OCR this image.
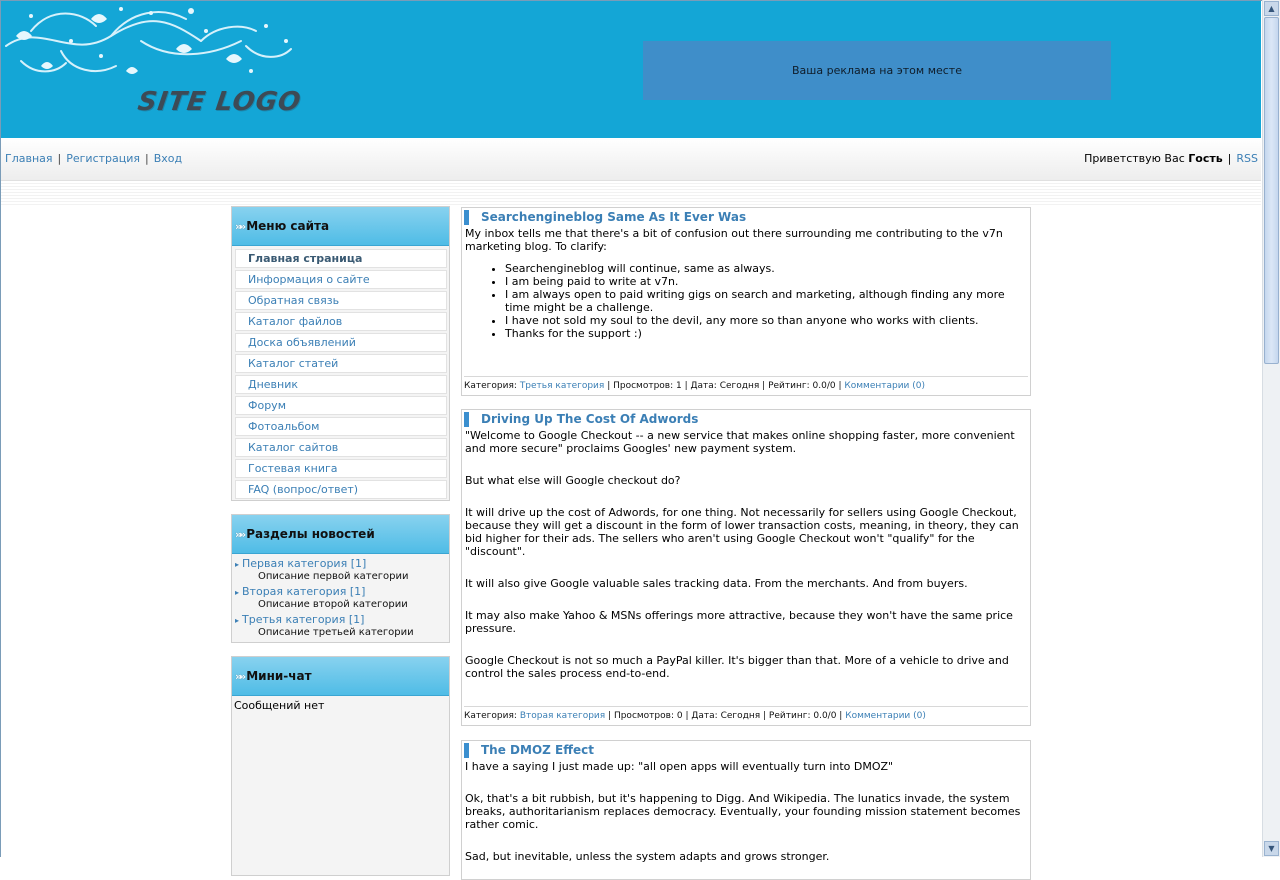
SITE LOGO
Ваша реклама на этом месте
Главная | Регистрация | Вход	Приветствую Вас Гость | RSS
»» Меню сайта
Главная страница
Информация о сайте
Обратная связь
Каталог файлов
Доска объявлений
Каталог статей
Дневник
Форум
Фотоальбом
Каталог сайтов
Гостевая книга
FAQ (вопрос/ответ)
»» Разделы новостей
▸ Первая категория [1]
Описание первой категории
▸ Вторая категория [1]
Описание второй категории
▸ Третья категория [1]
Описание третьей категории
»» Мини-чат
Сообщений нет
Searchengineblog Same As It Ever Was
My inbox tells me that there's a bit of confusion out there surrounding me contributing to the v7n marketing blog. To clarify:
• Searchengineblog will continue, same as always.
• I am being paid to write at v7n.
• I am always open to paid writing gigs on search and marketing, although finding any more time might be a challenge.
• I have not sold my soul to the devil, any more so than anyone who works with clients.
• Thanks for the support :)
Категория: Третья категория | Просмотров: 1 | Дата: Сегодня | Рейтинг: 0.0/0 | Комментарии (0)
Driving Up The Cost Of Adwords

"Welcome to Google Checkout -- a new service that makes online shopping faster, more convenient and more secure" proclaims Googles' new payment system.

But what else will Google checkout do?

It will drive up the cost of Adwords, for one thing. Not necessarily for sellers using Google Checkout, because they will get a discount in the form of lower transaction costs, meaning, in theory, they can bid higher for their ads. The sellers who aren't using Google Checkout won't "qualify" for the "discount".

It will also give Google valuable sales tracking data. From the merchants. And from buyers.

It may also make Yahoo & MSNs offerings more attractive, because they won't have the same price pressure.

Google Checkout is not so much a PayPal killer. It's bigger than that. More of a vehicle to drive and control the sales process end-to-end.

Категория: Вторая категория | Просмотров: 0 | Дата: Сегодня | Рейтинг: 0.0/0 | Комментарии (0)
The DMOZ Effect

I have a saying I just made up: "all open apps will eventually turn into DMOZ"

Ok, that's a bit rubbish, but it's happening to Digg. And Wikipedia. The lunatics invade, the system breaks, authoritarianism replaces democracy. Eventually, your founding mission statement becomes rather comic.

Sad, but inevitable, unless the system adapts and grows stronger.

▲
▼
